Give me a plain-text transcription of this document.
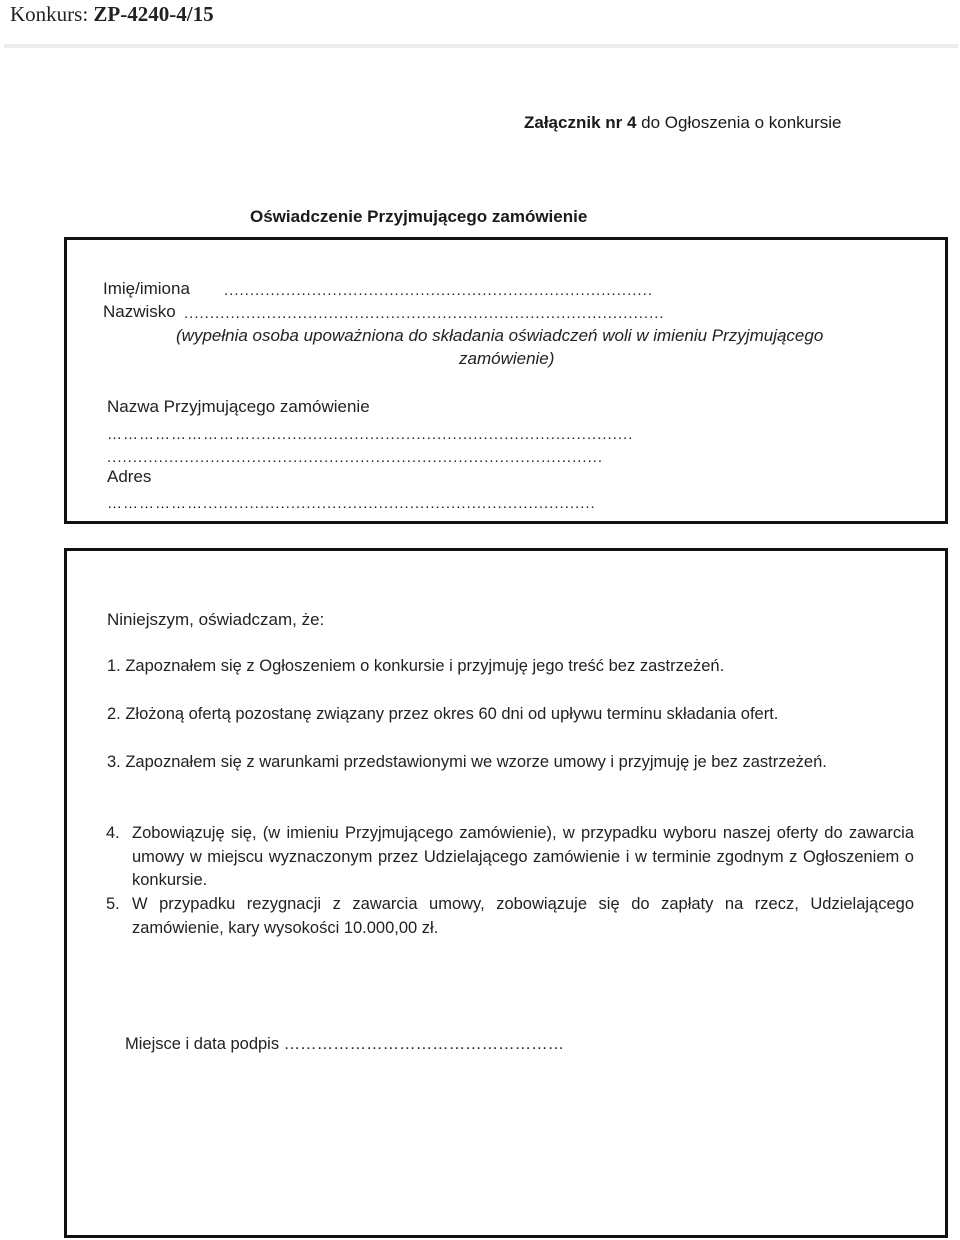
Konkurs: ZP-4240-4/15
Załącznik nr 4 do Ogłoszenia o konkursie
Oświadczenie Przyjmującego zamówienie
Imię/imiona ...................................................................................
Nazwisko .............................................................................................
(wypełnia osoba upoważniona do składania oświadczeń woli w imieniu Przyjmującego
zamówienie)
Nazwa Przyjmującego zamówienie
………………………..........................................................................
................................................................................................
Adres
………………............................................................................
Niniejszym, oświadczam, że:
1. Zapoznałem się z Ogłoszeniem o konkursie i przyjmuję jego treść bez zastrzeżeń.
2. Złożoną ofertą pozostanę związany przez okres 60 dni od upływu terminu składania ofert.
3. Zapoznałem się z warunkami przedstawionymi we wzorze umowy i przyjmuję je bez zastrzeżeń.
4. Zobowiązuję się, (w imieniu Przyjmującego zamówienie), w przypadku wyboru naszej oferty do zawarcia umowy w miejscu wyznaczonym przez Udzielającego zamówienie i w terminie zgodnym z Ogłoszeniem o konkursie.
5. W przypadku rezygnacji z zawarcia umowy, zobowiązuje się do zapłaty na rzecz, Udzielającego zamówienie, kary wysokości 10.000,00 zł.
Miejsce i data podpis ……………………………………………
